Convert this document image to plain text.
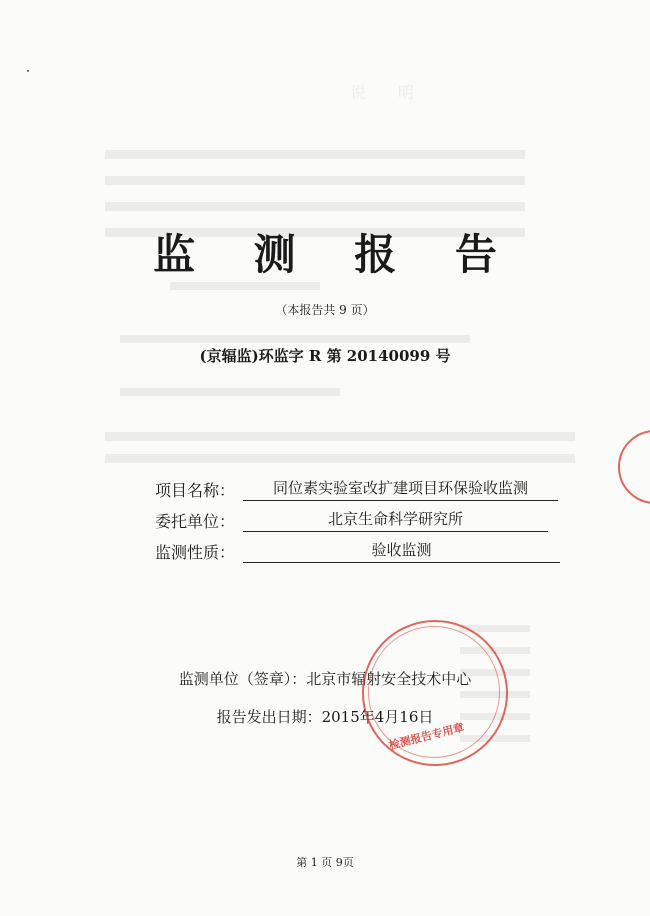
说　　明

监 测 报 告
（本报告共 9 页）
(京辐监)环监字 R 第 20140099 号
项目名称：	同位素实验室改扩建项目环保验收监测
委托单位：	北京生命科学研究所
监测性质：	验收监测
监测单位（签章）：北京市辐射安全技术中心
报告发出日期：2015年4月16日
检测报告专用章
第 1 页 9页
